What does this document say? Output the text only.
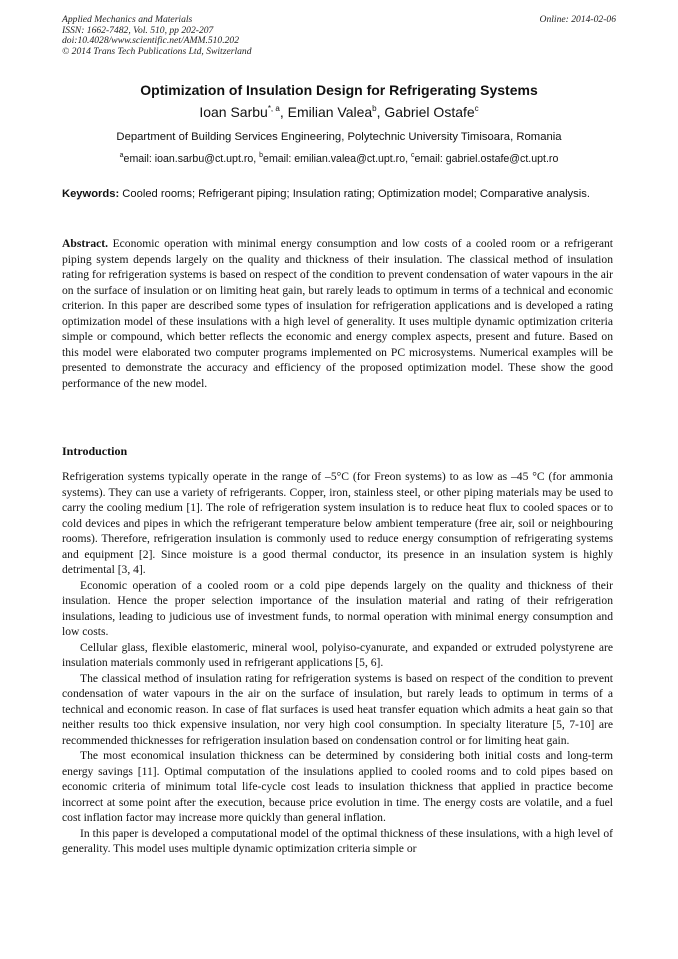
Applied Mechanics and Materials
ISSN: 1662-7482, Vol. 510, pp 202-207
doi:10.4028/www.scientific.net/AMM.510.202
© 2014 Trans Tech Publications Ltd, Switzerland
Online: 2014-02-06
Optimization of Insulation Design for Refrigerating Systems
Ioan Sarbu$^{*, a}$, Emilian Valea$^b$, Gabriel Ostafe$^c$
Department of Building Services Engineering, Polytechnic University Timisoara, Romania
$^a$email: ioan.sarbu@ct.upt.ro, $^b$email: emilian.valea@ct.upt.ro, $^c$email: gabriel.ostafe@ct.upt.ro
Keywords: Cooled rooms; Refrigerant piping; Insulation rating; Optimization model; Comparative analysis.
Abstract. Economic operation with minimal energy consumption and low costs of a cooled room or a refrigerant piping system depends largely on the quality and thickness of their insulation. The classical method of insulation rating for refrigeration systems is based on respect of the condition to prevent condensation of water vapours in the air on the surface of insulation or on limiting heat gain, but rarely leads to optimum in terms of a technical and economic criterion. In this paper are described some types of insulation for refrigeration applications and is developed a rating optimization model of these insulations with a high level of generality. It uses multiple dynamic optimization criteria simple or compound, which better reflects the economic and energy complex aspects, present and future. Based on this model were elaborated two computer programs implemented on PC microsystems. Numerical examples will be presented to demonstrate the accuracy and efficiency of the proposed optimization model. These show the good performance of the new model.
Introduction

Refrigeration systems typically operate in the range of –5°C (for Freon systems) to as low as –45 °C (for ammonia systems). They can use a variety of refrigerants. Copper, iron, stainless steel, or other piping materials may be used to carry the cooling medium [1]. The role of refrigeration system insulation is to reduce heat flux to cooled spaces or to cold devices and pipes in which the refrigerant temperature below ambient temperature (free air, soil or neighbouring rooms). Therefore, refrigeration insulation is commonly used to reduce energy consumption of refrigerating systems and equipment [2]. Since moisture is a good thermal conductor, its presence in an insulation system is highly detrimental [3, 4].

Economic operation of a cooled room or a cold pipe depends largely on the quality and thickness of their insulation. Hence the proper selection importance of the insulation material and rating of their refrigeration insulations, leading to judicious use of investment funds, to normal operation with minimal energy consumption and low costs.

Cellular glass, flexible elastomeric, mineral wool, polyiso-cyanurate, and expanded or extruded polystyrene are insulation materials commonly used in refrigerant applications [5, 6].

The classical method of insulation rating for refrigeration systems is based on respect of the condition to prevent condensation of water vapours in the air on the surface of insulation, but rarely leads to optimum in terms of a technical and economic reason. In case of flat surfaces is used heat transfer equation which admits a heat gain so that neither results too thick expensive insulation, nor very high cool consumption. In specialty literature [5, 7-10] are recommended thicknesses for refrigeration insulation based on condensation control or for limiting heat gain.

The most economical insulation thickness can be determined by considering both initial costs and long-term energy savings [11]. Optimal computation of the insulations applied to cooled rooms and to cold pipes based on economic criteria of minimum total life-cycle cost leads to insulation thickness that applied in practice become incorrect at some point after the execution, because price evolution in time. The energy costs are volatile, and a fuel cost inflation factor may increase more quickly than general inflation.

In this paper is developed a computational model of the optimal thickness of these insulations, with a high level of generality. This model uses multiple dynamic optimization criteria simple or
